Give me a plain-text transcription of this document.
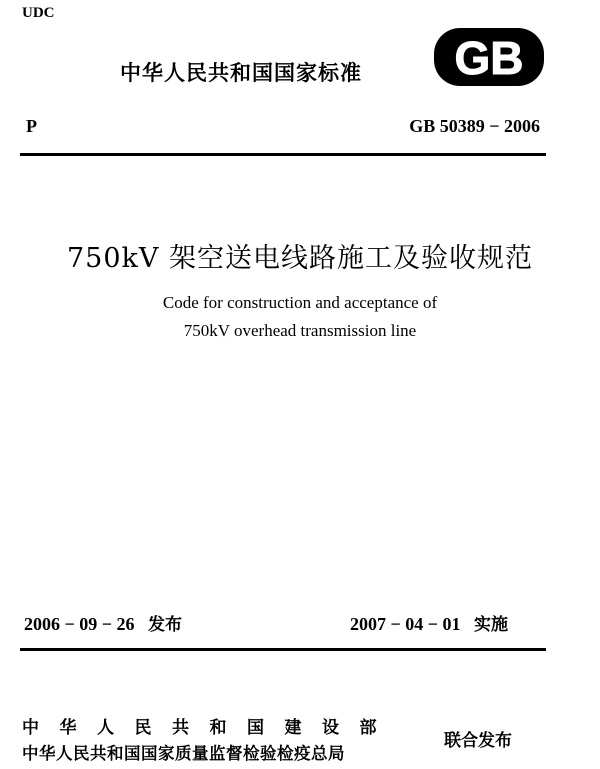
UDC
中华人民共和国国家标准 GB
P	GB 50389 − 2006
750kV 架空送电线路施工及验收规范
Code for construction and acceptance of
750kV overhead transmission line
2006 − 09 − 26 发布	2007 − 04 − 01 实施
中华人民共和国建设部
中华人民共和国国家质量监督检验检疫总局
联合发布
